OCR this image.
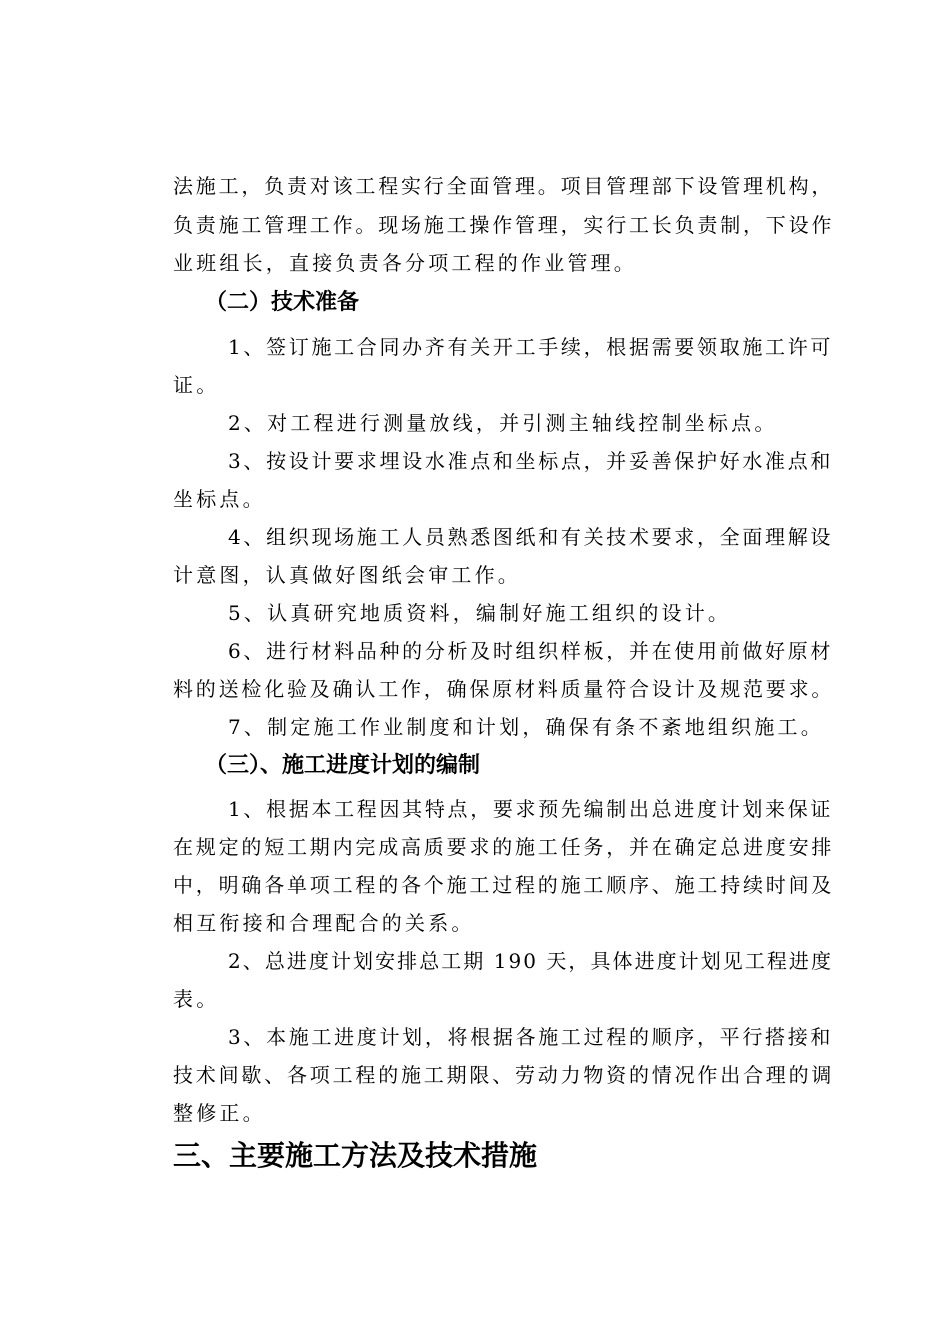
法施工，负责对该工程实行全面管理。项目管理部下设管理机构，
负责施工管理工作。现场施工操作管理，实行工长负责制，下设作
业班组长，直接负责各分项工程的作业管理。
（二）技术准备
1、签订施工合同办齐有关开工手续，根据需要领取施工许可
证。
2、对工程进行测量放线，并引测主轴线控制坐标点。
3、按设计要求埋设水准点和坐标点，并妥善保护好水准点和
坐标点。
4、组织现场施工人员熟悉图纸和有关技术要求，全面理解设
计意图，认真做好图纸会审工作。
5、认真研究地质资料，编制好施工组织的设计。
6、进行材料品种的分析及时组织样板，并在使用前做好原材
料的送检化验及确认工作，确保原材料质量符合设计及规范要求。
7、制定施工作业制度和计划，确保有条不紊地组织施工。
（三）、施工进度计划的编制
1、根据本工程因其特点，要求预先编制出总进度计划来保证
在规定的短工期内完成高质要求的施工任务，并在确定总进度安排
中，明确各单项工程的各个施工过程的施工顺序、施工持续时间及
相互衔接和合理配合的关系。
2、总进度计划安排总工期 190 天，具体进度计划见工程进度
表。
3、本施工进度计划，将根据各施工过程的顺序，平行搭接和
技术间歇、各项工程的施工期限、劳动力物资的情况作出合理的调
整修正。
三、主要施工方法及技术措施
